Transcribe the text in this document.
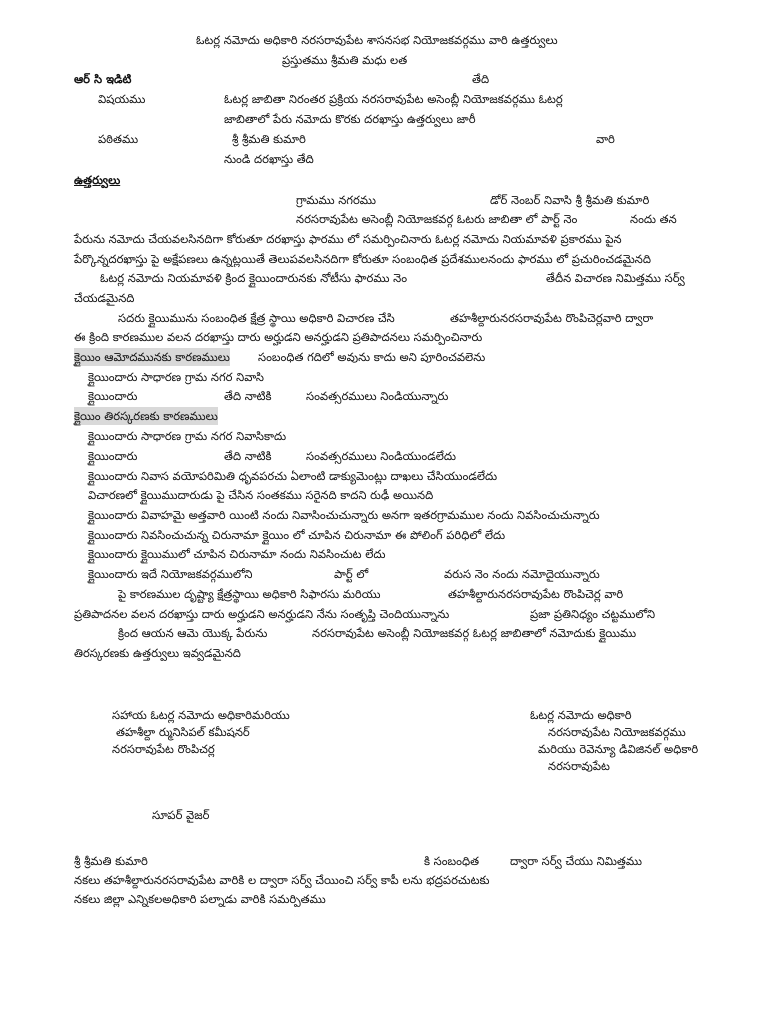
ఓటర్ల నమోదు అధికారి నరసరావుపేట శాసనసభ నియోజకవర్గము వారి ఉత్తర్వులు
ప్రస్తుతము శ్రీమతి మధు లత
ఆర్ సి ఇడిటి	తేది
విషయము	ఓటర్ల జాబితా నిరంతర ప్రక్రియ నరసరావుపేట అసెంబ్లీ నియోజకవర్గము ఓటర్ల
జాబితాలో పేరు నమోదు కొరకు దరఖాస్తు ఉత్తర్వులు జారీ
పఠితము	శ్రీ శ్రీమతి కుమారి	వారి
నుండి దరఖాస్తు తేది
ఉత్తర్వులు
గ్రామము నగరము	డోర్ నెంబర్ నివాసి శ్రీ శ్రీమతి కుమారి
నరసరావుపేట అసెంబ్లీ నియోజకవర్గ ఓటరు జాబితా లో పార్ట్ నెం	నందు తన
పేరును నమోదు చేయవలసినదిగా కోరుతూ దరఖాస్తు ఫారము లో సమర్పించినారు ఓటర్ల నమోదు నియమావళి ప్రకారము పైన
పేర్కొన్నదరఖాస్తు పై అక్షేపణలు ఉన్నట్లయితే తెలుపవలసినదిగా కోరుతూ సంబంధిత ప్రదేశములనందు ఫారము లో ప్రచురించడమైనది
ఓటర్ల నమోదు నియమావళి క్రింద క్లైయిందారునకు నోటీసు ఫారము నెం	తేదీన విచారణ నిమిత్తము సర్వ్
చేయడమైనది
సదరు క్లైయిమును సంబంధిత క్షేత్ర స్థాయి అధికారి విచారణ చేసి	తహశీల్దారునరసరావుపేట రొంపిచెర్లవారి ద్వారా
ఈ క్రింది కారణముల వలన దరఖాస్తు దారు అర్హుడని అనర్హుడని ప్రతిపాదనలు సమర్పించినారు
క్లైయిం ఆమోదమునకు కారణములు సంబంధిత గదిలో అవును కాదు అని పూరించవలెను
క్లైయిందారు సాధారణ గ్రామ నగర నివాసి
క్లైయిందారు	తేది నాటికి	సంవత్సరములు నిండియున్నారు
క్లైయిం తిరస్కరణకు కారణములు
క్లైయిందారు సాధారణ గ్రామ నగర నివాసికాదు
క్లైయిందారు	తేది నాటికి	సంవత్సరములు నిండియుండలేదు
క్లైయిందారు నివాస వయోపరిమితి ధృవపరచు ఏలాంటి డాక్యుమెంట్లు దాఖలు చేసియుండలేదు
విచారణలో క్లైయిముదారుడు పై చేసిన సంతకము సరైనది కాదని రుఢీ అయినది
క్లైయిందారు వివాహమై అత్తవారి యింటి నందు నివాసించుచున్నారు అనగా ఇతరగ్రామముల నందు నివసించుచున్నారు
క్లైయిందారు నివసించుచున్న చిరునామా క్లైయిం లో చూపిన చిరునామా ఈ పోలింగ్ పరిధిలో లేదు
క్లైయిందారు క్లైయిములో చూపిన చిరునామా నందు నివసించుట లేదు
క్లైయిందారు ఇదే నియోజకవర్గములోని	పార్ట్ లో	వరుస నెం నందు నమోదైయున్నారు
పై కారణముల దృష్ట్యా క్షేత్రస్థాయి అధికారి సిఫారసు మరియు	తహశీల్దారునరసరావుపేట రొంపిచెర్ల వారి
ప్రతిపాదనల వలన దరఖాస్తు దారు అర్హుడని అనర్హుడని నేను సంతృప్తి చెందియున్నాను	ప్రజా ప్రతినిధ్యం చట్టములోని
క్రింద ఆయన ఆమె యొక్క పేరును	నరసరావుపేట అసెంబ్లీ నియోజకవర్గ ఓటర్ల జాబితాలో నమోదుకు క్లైయిము
తిరస్కరణకు ఉత్తర్వులు ఇవ్వడమైనది
సహాయ ఓటర్ల నమోదు అధికారిమరియు
తహశీల్దా ర్మునిసిపల్ కమీషనర్
నరసరావుపేట రొంపిచర్ల
ఓటర్ల నమోదు అధికారి
నరసరావుపేట నియోజకవర్గము
మరియు రెవెన్యూ డివిజినల్ అధికారి
నరసరావుపేట
సూపర్ వైజర్
శ్రీ శ్రీమతి కుమారి	కి సంబంధిత	ద్వారా సర్వ్ చేయు నిమిత్తము
నకలు తహశీల్దారునరసరావుపేట వారికి ల ద్వారా సర్వ్ చేయించి సర్వ్ కాపీ లను భద్రపరచుటకు
నకలు జిల్లా ఎన్నికలఅధికారి పల్నాడు వారికి సమర్పితము
